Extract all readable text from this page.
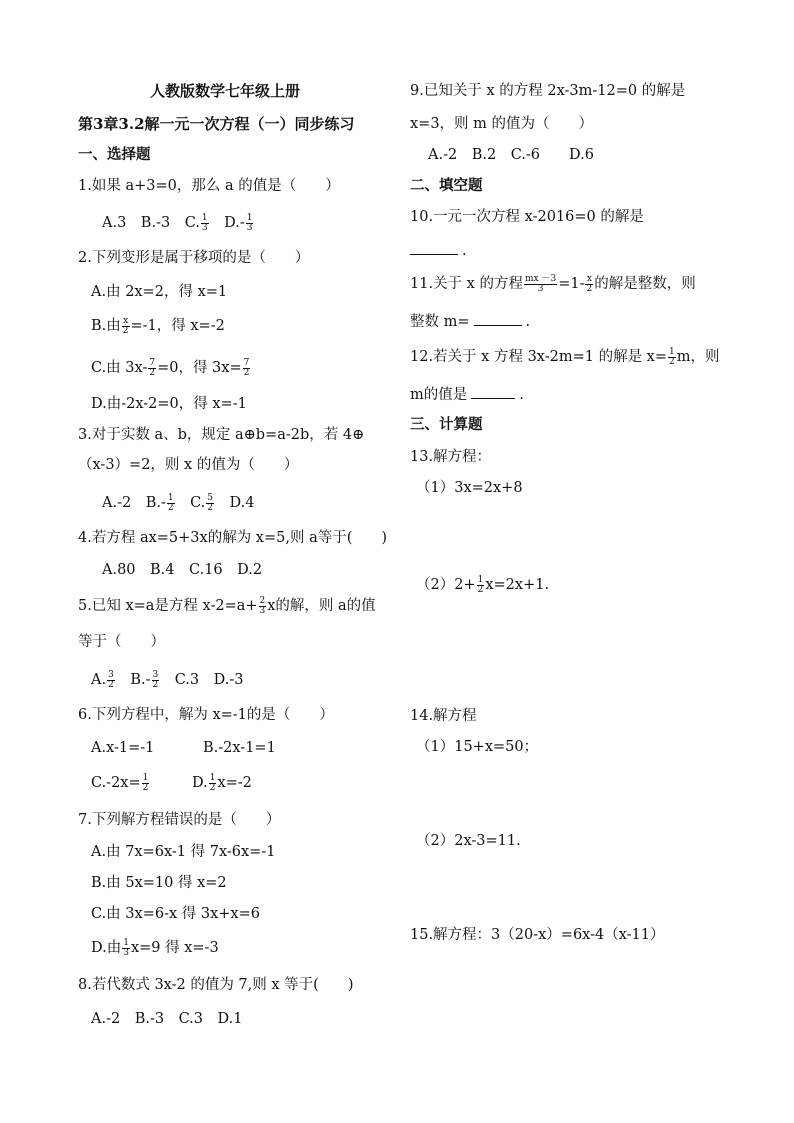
人教版数学七年级上册
第3章3.2解一元一次方程（一）同步练习
一、选择题
1.如果 a+3=0，那么 a 的值是（　　）
A.3　B.-3　C. $\frac{1}{3}$ 　$D.- \frac{1}{3}$
2.下列变形是属于移项的是（　　）
A.由 2x=2，得 x=1
B.由 $\frac{x}{2} =-1$，得 x=-2
C.由 $3x- \frac{7}{2} =0$，得 $3x= \frac{7}{2}$
D.由-2x-2=0，得 x=-1
3.对于实数 a、b，规定 a⊕b=a-2b，若 4⊕
（x-3）=2，则 x 的值为（　　）
A.-2　$B.- \frac{1}{2}$ 　C. $\frac{5}{2}$ 　D.4
4.若方程 ax=5+3x的解为 x=5,则 a等于(　　)
A.80　B.4　C.16　D.2
5.已知 x=a是方程 $x-2=a+ \frac{2}{3}$ x的解，则 a的值
等于（　　）
A. $\frac{3}{2}$ 　$B.- \frac{3}{2}$ 　C.3　D.-3
6.下列方程中，解为 x=-1的是（　　）
A.x-1=-1	B.-2x-1=1
$C.-2x= \frac{1}{2}$	D. $\frac{1}{2} x=-2$
7.下列解方程错误的是（　　）
A.由 7x=6x-1 得 7x-6x=-1
B.由 5x=10 得 x=2
C.由 3x=6-x 得 3x+x=6
D.由 $\frac{1}{3} x=9$ 得 x=-3
8.若代数式 3x-2 的值为 7,则 x 等于(　　)
A.-2　B.-3　C.3　D.1
9.已知关于 x 的方程 2x-3m-12=0 的解是
x=3，则 m 的值为（　　）
A.-2　B.2　C.-6　　D.6
二、填空题
10.一元一次方程 x-2016=0 的解是
.
11.关于 x 的方程 $\frac{mx -3}{3} =1- \frac{x}{2}$ 的解是整数，则
整数 m=	.
12.若关于 x 方程 3x-2m=1 的解是 $x= \frac{1}{2}$ m，则
m的值是	.
三、计算题
13.解方程：
（1）3x=2x+8
$(2)2+ \frac{1}{2} x=2x+1$.
14.解方程
（1）15+x=50；
（2）2x-3=11.
15.解方程：3（20-x）=6x-4（x-11）
